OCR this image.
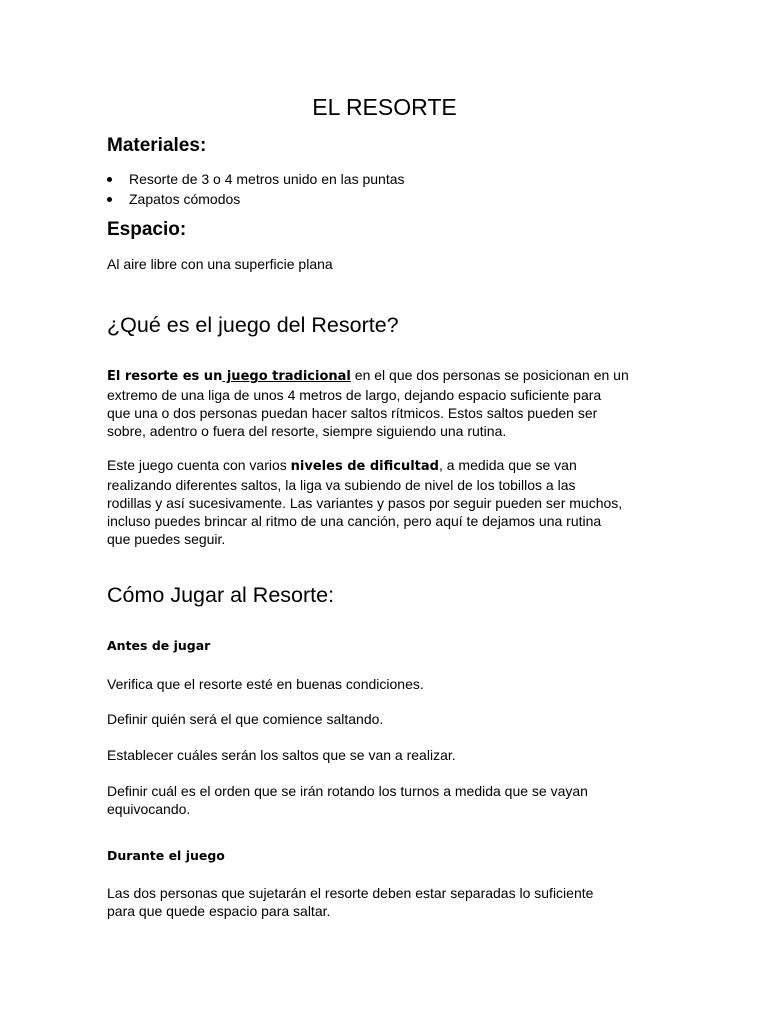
EL RESORTE
Materiales:
Resorte de 3 o 4 metros unido en las puntas
Zapatos cómodos
Espacio:

Al aire libre con una superficie plana

¿Qué es el juego del Resorte?

El resorte es un juego tradicional en el que dos personas se posicionan en un
extremo de una liga de unos 4 metros de largo, dejando espacio suficiente para
que una o dos personas puedan hacer saltos rítmicos. Estos saltos pueden ser
sobre, adentro o fuera del resorte, siempre siguiendo una rutina.

Este juego cuenta con varios niveles de dificultad, a medida que se van
realizando diferentes saltos, la liga va subiendo de nivel de los tobillos a las
rodillas y así sucesivamente. Las variantes y pasos por seguir pueden ser muchos,
incluso puedes brincar al ritmo de una canción, pero aquí te dejamos una rutina
que puedes seguir.

Cómo Jugar al Resorte:
Antes de jugar

Verifica que el resorte esté en buenas condiciones.

Definir quién será el que comience saltando.

Establecer cuáles serán los saltos que se van a realizar.

Definir cuál es el orden que se irán rotando los turnos a medida que se vayan
equivocando.

Durante el juego

Las dos personas que sujetarán el resorte deben estar separadas lo suficiente
para que quede espacio para saltar.
